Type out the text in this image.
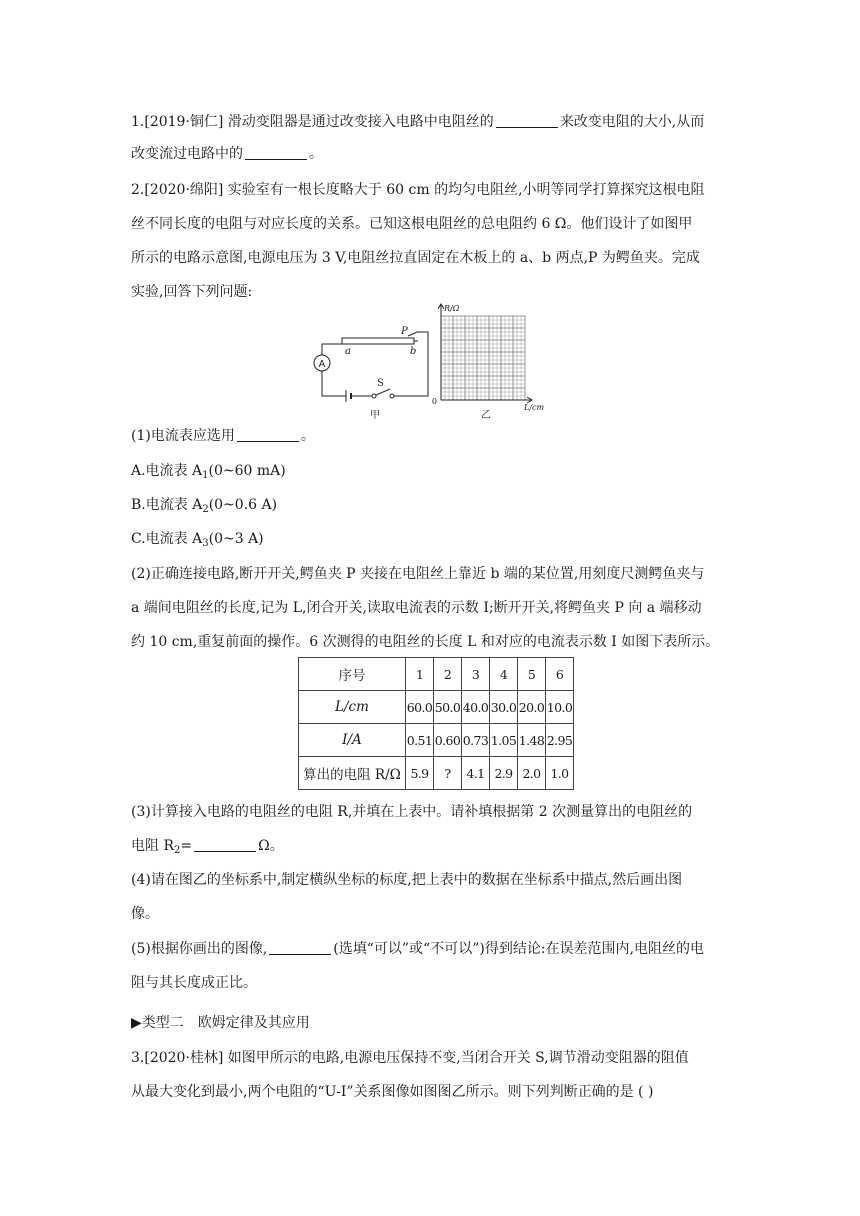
1.[2019·铜仁] 滑动变阻器是通过改变接入电路中电阻丝的	来改变电阻的大小,从而
改变流过电路中的	。
2.[2020·绵阳] 实验室有一根长度略大于 60 cm 的均匀电阻丝,小明等同学打算探究这根电阻
丝不同长度的电阻与对应长度的关系。已知这根电阻丝的总电阻约 6 Ω。他们设计了如图甲
所示的电路示意图,电源电压为 3 V,电阻丝拉直固定在木板上的 a、b 两点,P 为鳄鱼夹。完成
实验,回答下列问题:
A
a	b
P
S
甲
R/Ω
0
L/cm
乙
(1)电流表应选用	。
A.电流表 $A_1(0\sim 60$ mA)
B.电流表 $A_2(0\sim 0.6$ A)
C.电流表 $A_3(0\sim 3$ A)
(2)正确连接电路,断开开关,鳄鱼夹 P 夹接在电阻丝上靠近 b 端的某位置,用刻度尺测鳄鱼夹与
a 端间电阻丝的长度,记为 L,闭合开关,读取电流表的示数 I;断开开关,将鳄鱼夹 P 向 a 端移动
约 10 cm,重复前面的操作。6 次测得的电阻丝的长度 L 和对应的电流表示数 I 如图下表所示。
序号	1	2	3	4	5	6
L/cm	60.0	50.0	40.0	30.0	20.0	10.0
I/A	0.51	0.60	0.73	1.05	1.48	2.95
算出的电阻 R/Ω	5.9	?	4.1	2.9	2.0	1.0
(3)计算接入电路的电阻丝的电阻 R,并填在上表中。请补填根据第 2 次测量算出的电阻丝的
电阻 $R_2=$	Ω。
(4)请在图乙的坐标系中,制定横纵坐标的标度,把上表中的数据在坐标系中描点,然后画出图
像。
(5)根据你画出的图像,	(选填“可以”或“不可以”)得到结论:在误差范围内,电阻丝的电
阻与其长度成正比。
▶类型二　欧姆定律及其应用
3.[2020·桂林] 如图甲所示的电路,电源电压保持不变,当闭合开关 S,调节滑动变阻器的阻值
从最大变化到最小,两个电阻的“U-I”关系图像如图图乙所示。则下列判断正确的是 ( )
